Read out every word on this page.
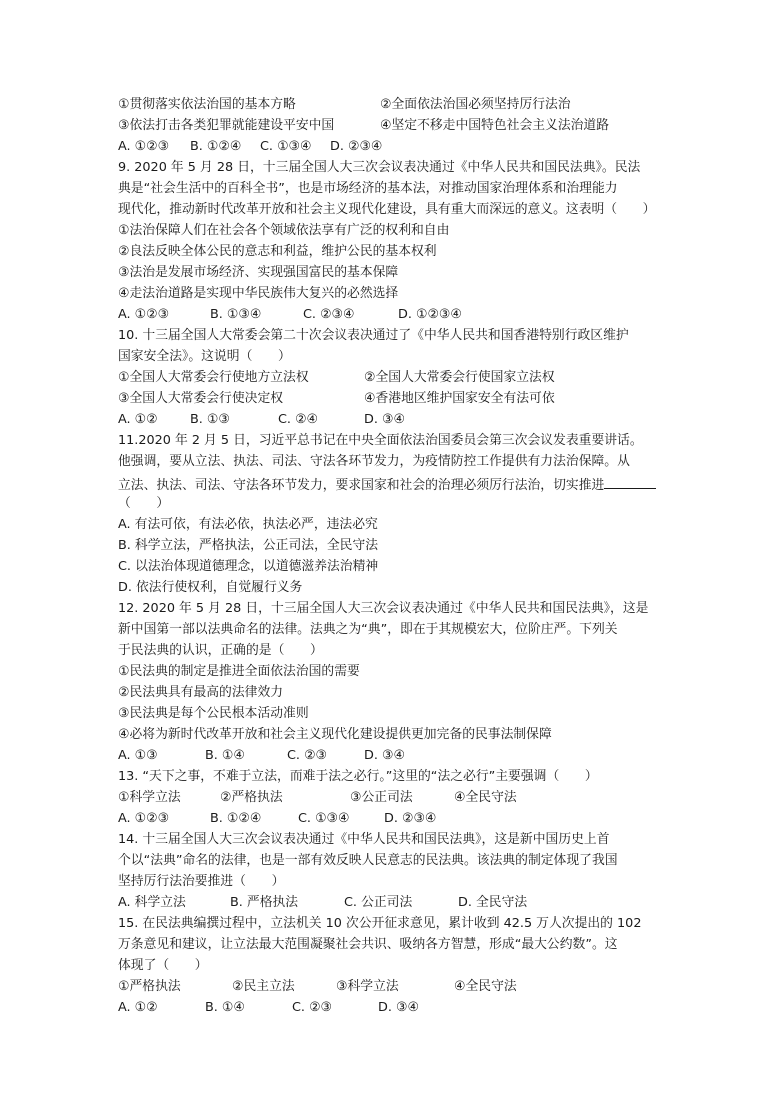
①贯彻落实依法治国的基本方略	②全面依法治国必须坚持厉行法治
③依法打击各类犯罪就能建设平安中国	④坚定不移走中国特色社会主义法治道路
A. ①②③ B. ①②④ C. ①③④ D. ②③④
9. 2020 年 5 月 28 日，十三届全国人大三次会议表决通过《中华人民共和国民法典》。民法
典是“社会生活中的百科全书”，也是市场经济的基本法，对推动国家治理体系和治理能力
现代化，推动新时代改革开放和社会主义现代化建设，具有重大而深远的意义。这表明（　　）
①法治保障人们在社会各个领域依法享有广泛的权利和自由
②良法反映全体公民的意志和利益，维护公民的基本权利
③法治是发展市场经济、实现强国富民的基本保障
④走法治道路是实现中华民族伟大复兴的必然选择
A. ①②③	B. ①③④	C. ②③④	D. ①②③④
10. 十三届全国人大常委会第二十次会议表决通过了《中华人民共和国香港特别行政区维护
国家安全法》。这说明（　　）
①全国人大常委会行使地方立法权	②全国人大常委会行使国家立法权
③全国人大常委会行使决定权	④香港地区维护国家安全有法可依
A. ①②	B. ①③	C. ②④	D. ③④
11.2020 年 2 月 5 日，习近平总书记在中央全面依法治国委员会第三次会议发表重要讲话。
他强调，要从立法、执法、司法、守法各环节发力，为疫情防控工作提供有力法治保障。从
立法、执法、司法、守法各环节发力，要求国家和社会的治理必须厉行法治，切实推进
（　　）
A. 有法可依，有法必依，执法必严，违法必究
B. 科学立法，严格执法，公正司法，全民守法
C. 以法治体现道德理念，以道德滋养法治精神
D. 依法行使权利，自觉履行义务
12. 2020 年 5 月 28 日，十三届全国人大三次会议表决通过《中华人民共和国民法典》，这是
新中国第一部以法典命名的法律。法典之为“典”，即在于其规模宏大，位阶庄严。下列关
于民法典的认识，正确的是（　　）
①民法典的制定是推进全面依法治国的需要
②民法典具有最高的法律效力
③民法典是每个公民根本活动准则
④必将为新时代改革开放和社会主义现代化建设提供更加完备的民事法制保障
A. ①③	B. ①④	C. ②③	D. ③④
13. “天下之事，不难于立法，而难于法之必行。”这里的“法之必行”主要强调（　　）
①科学立法	②严格执法	③公正司法	④全民守法
A. ①②③	B. ①②④	C. ①③④	D. ②③④
14. 十三届全国人大三次会议表决通过《中华人民共和国民法典》，这是新中国历史上首
个以“法典”命名的法律，也是一部有效反映人民意志的民法典。该法典的制定体现了我国
坚持厉行法治要推进（　　）
A. 科学立法	B. 严格执法	C. 公正司法	D. 全民守法
15. 在民法典编撰过程中，立法机关 10 次公开征求意见，累计收到 42.5 万人次提出的 102
万条意见和建议，让立法最大范围凝聚社会共识、吸纳各方智慧，形成“最大公约数”。这
体现了（　　）
①严格执法	②民主立法	③科学立法	④全民守法
A. ①②	B. ①④	C. ②③	D. ③④
